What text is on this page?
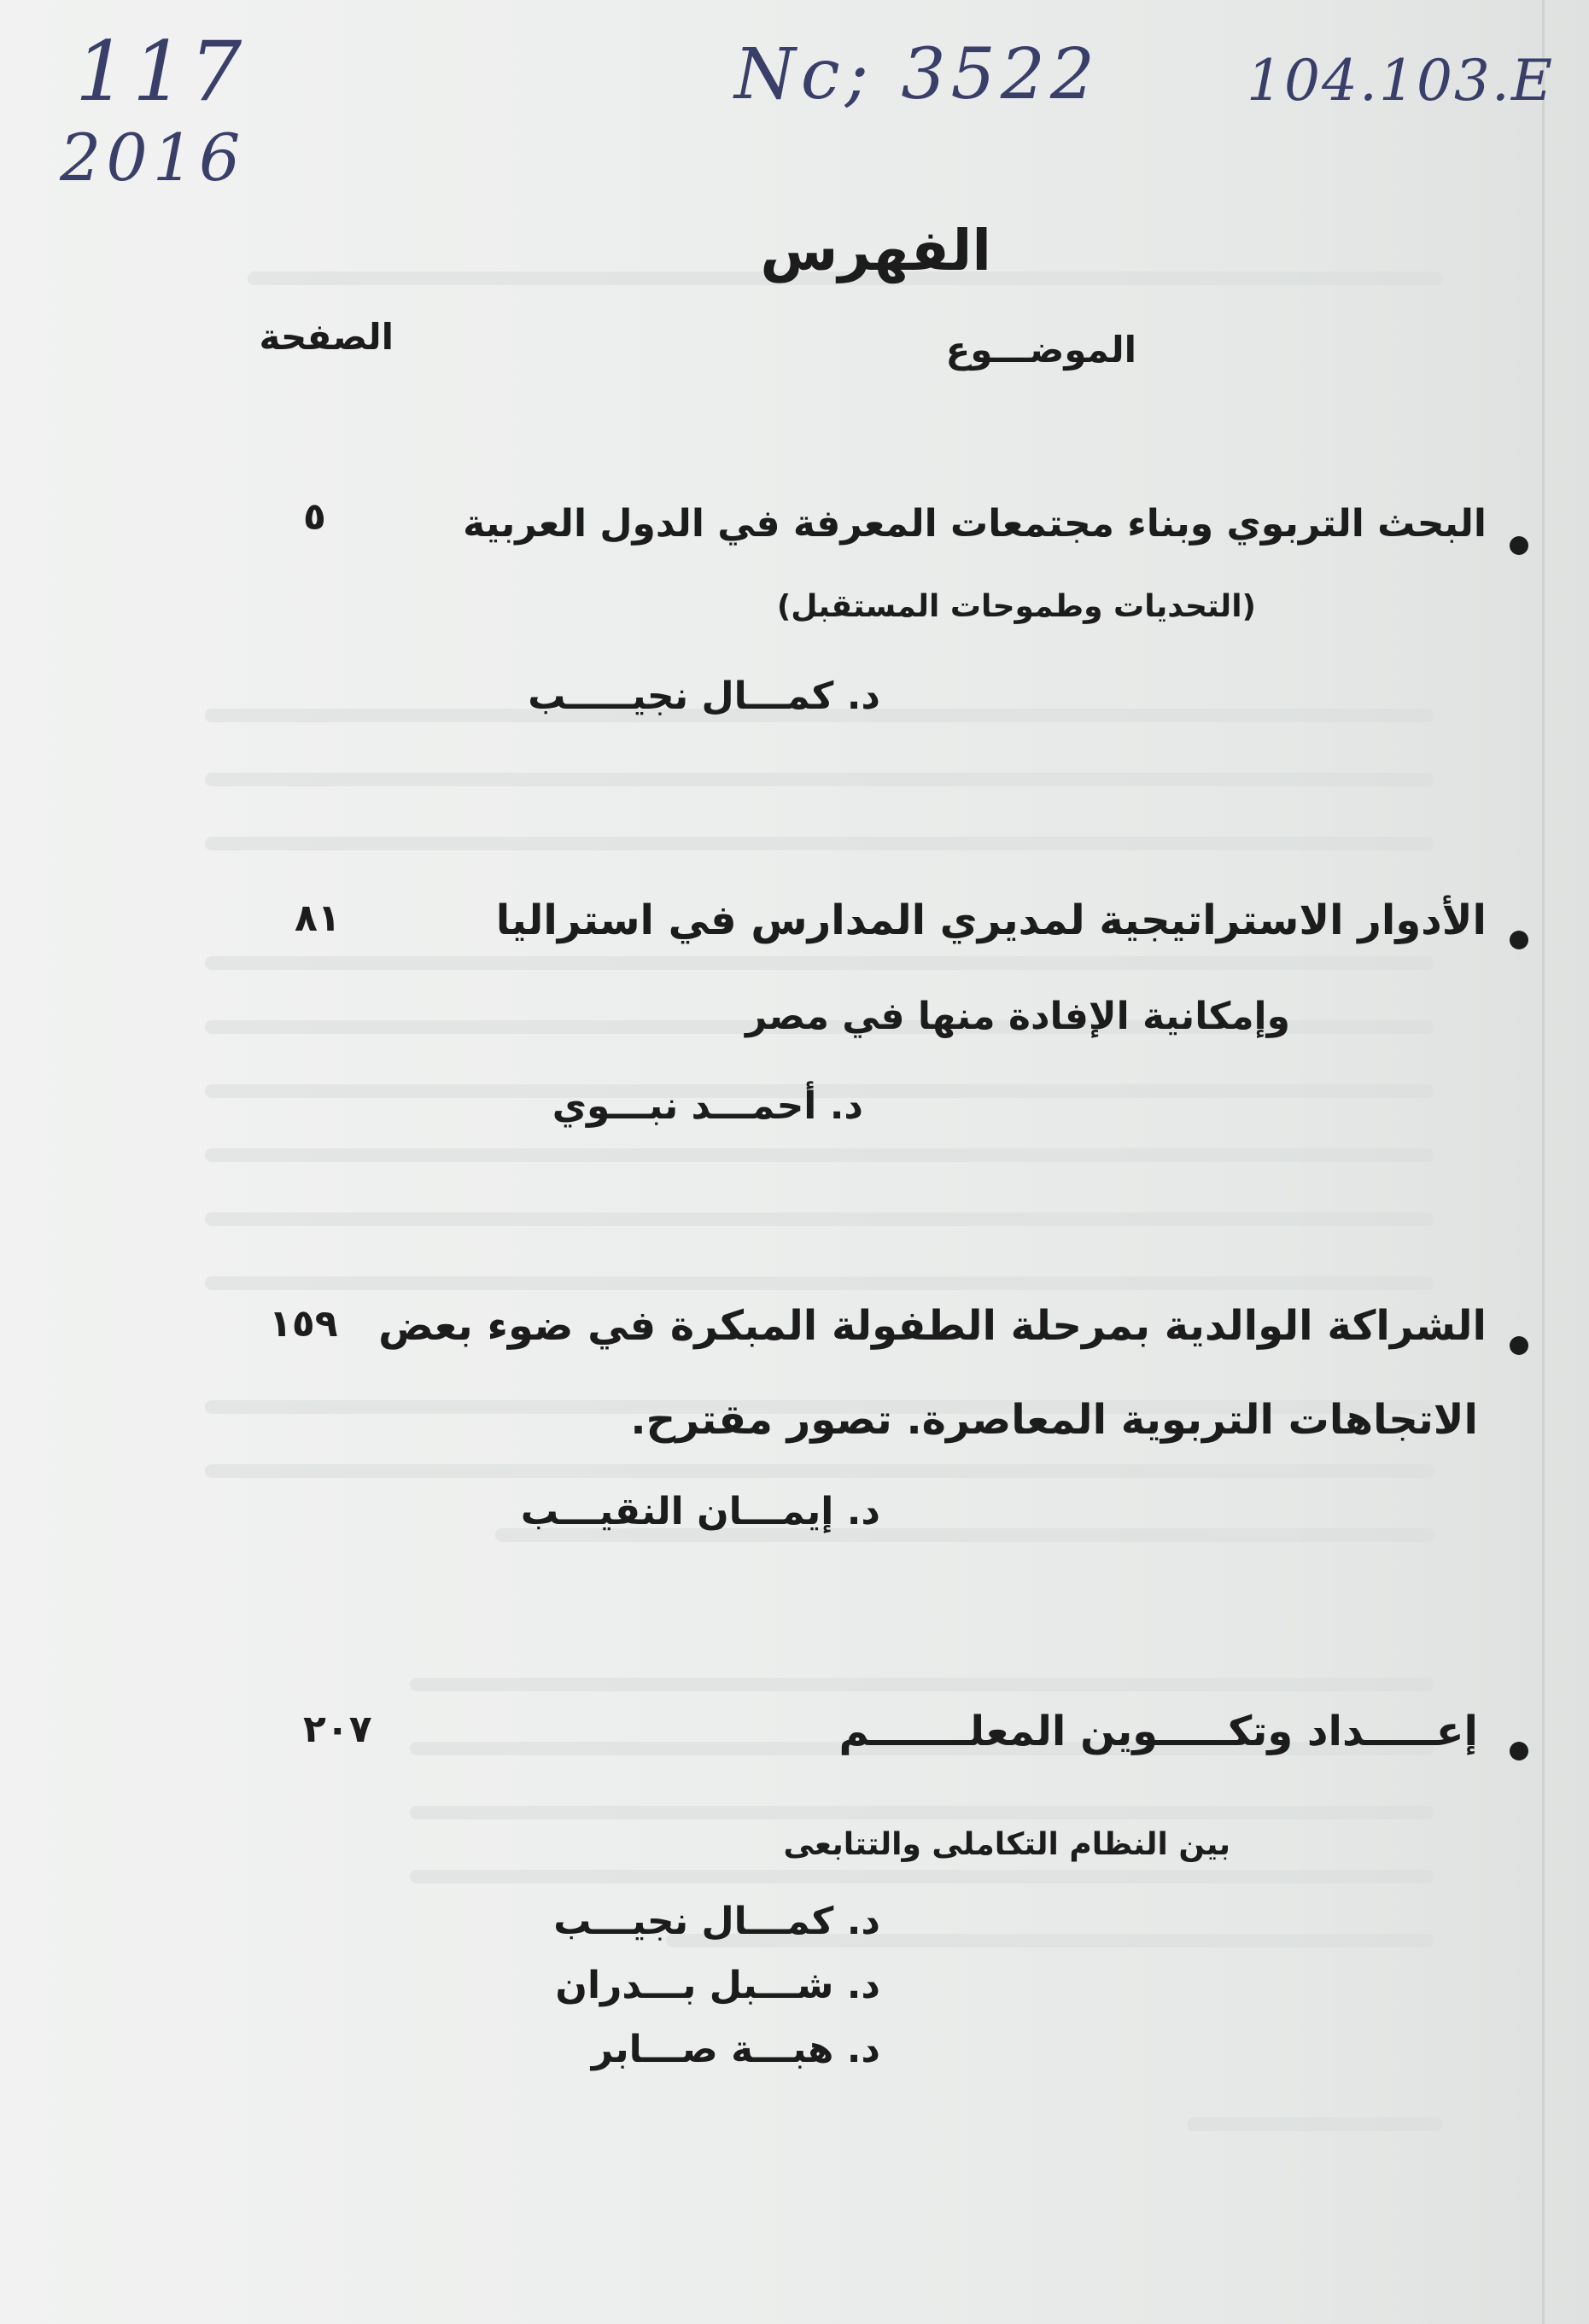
117
2016
Nc; 3522	104.103.E
الفهرس
الصفحة	الموضـــوع
البحث التربوي وبناء مجتمعات المعرفة في الدول العربية
(التحديات وطموحات المستقبل)
د. كمـــال نجيـــــب
٥
الأدوار الاستراتيجية لمديري المدارس في استراليا
وإمكانية الإفادة منها في مصر
د. أحمـــد نبـــوي
٨١
الشراكة الوالدية بمرحلة الطفولة المبكرة في ضوء بعض
الاتجاهات التربوية المعاصرة. تصور مقترح.
د. إيمـــان النقيـــب
١٥٩
إعـــــداد وتكـــــوين المعلـــــــم
بين النظام التكاملى والتتابعى
د. كمـــال نجيـــب
د. شـــبل بـــدران
د. هبـــة صـــابر
٢٠٧
